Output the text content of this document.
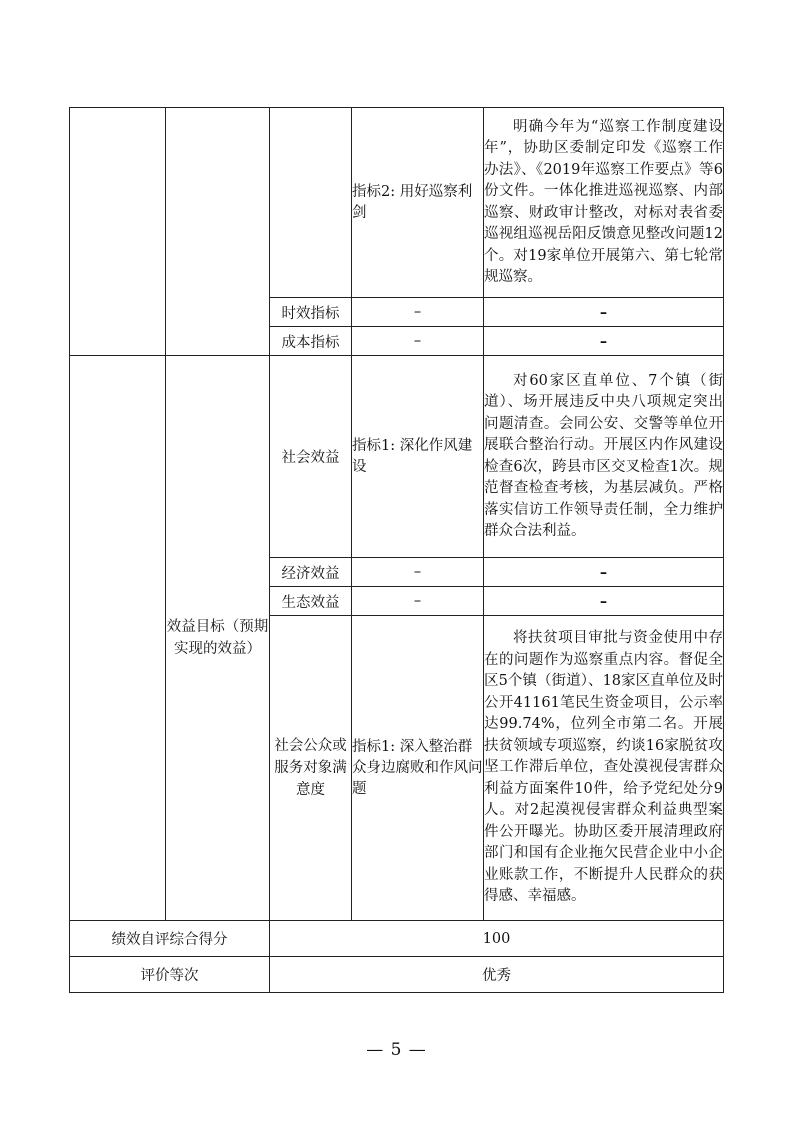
			指标2: 用好巡察利剑	明确今年为“巡察工作制度建设年”，协助区委制定印发《巡察工作办法》、《2019年巡察工作要点》等6份文件。一体化推进巡视巡察、内部巡察、财政审计整改，对标对表省委巡视组巡视岳阳反馈意见整改问题12个。对19家单位开展第六、第七轮常规巡察。

		时效指标	–	–
		成本指标	–	–
	效益目标（预期实现的效益）	社会效益	指标1: 深化作风建设	对60家区直单位、7个镇（街道）、场开展违反中央八项规定突出问题清查。会同公安、交警等单位开展联合整治行动。开展区内作风建设检查6次，跨县市区交叉检查1次。规范督查检查考核，为基层减负。严格落实信访工作领导责任制，全力维护群众合法利益。

		经济效益	–	–
		生态效益	–	–
		社会公众或服务对象满意度	指标1: 深入整治群众身边腐败和作风问题	将扶贫项目审批与资金使用中存在的问题作为巡察重点内容。督促全区5个镇（街道）、18家区直单位及时公开41161笔民生资金项目，公示率达99.74%，位列全市第二名。开展扶贫领域专项巡察，约谈16家脱贫攻坚工作滞后单位，查处漠视侵害群众利益方面案件10件，给予党纪处分9人。对2起漠视侵害群众利益典型案件公开曝光。协助区委开展清理政府部门和国有企业拖欠民营企业中小企业账款工作，不断提升人民群众的获得感、幸福感。

绩效自评综合得分		100		
评价等次		优秀		
— 5 —
